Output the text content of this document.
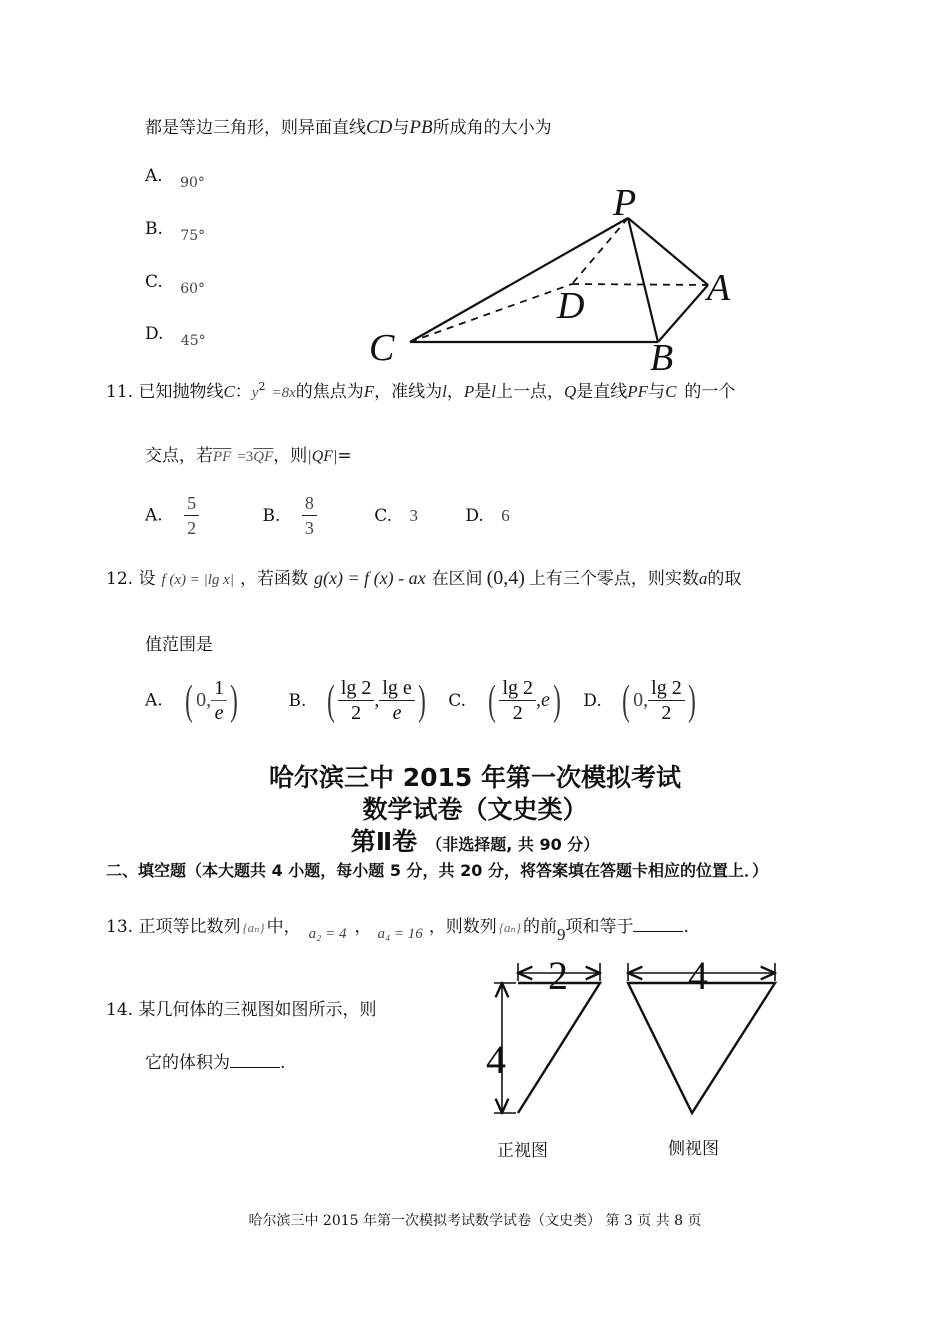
都是等边三角形，则异面直线CD与PB所成角的大小为
A. $_{90^\circ}$
B. $_{75^\circ}$
C. $_{60^\circ}$
D. $_{45^\circ}$
P
A
B
C
D
11. 已知抛物线C：$y^2 =8x$的焦点为F，准线为l，P是l上一点，Q是直线PF与C 的一个
交点，若$\overline{PF} =3\overline{QF}$，则|QF|=
A. $\frac{5}{2}$	B. $\frac{8}{3}$	C. 3	D. 6
12. 设 f (x) = |lg x| ，若函数 g(x) = f (x) - ax 在区间 (0,4) 上有三个零点，则实数a的取
值范围是
A. ( 0, $\frac{1}{e}$ )	B. ( $\frac{\lg 2}{2}$ , $\frac{\text{lg e}}{e}$ ) C. ( $\frac{\lg 2}{2} ,e$) D. ( 0, $\frac{\lg 2}{2}$ )
哈尔滨三中 2015 年第一次模拟考试
数学试卷（文史类）
第Ⅱ卷 （非选择题, 共 90 分）
二、填空题（本大题共 4 小题，每小题 5 分，共 20 分，将答案填在答题卡相应的位置上．）
13. 正项等比数列 {aₙ} 中， a₂ = 4 ， a₄ = 16 ，则数列 {aₙ} 的前9项和等于	.
14. 某几何体的三视图如图所示，则
它的体积为	.
2
4
4
正视图	侧视图
哈尔滨三中 2015 年第一次模拟考试数学试卷（文史类） 第 3 页 共 8 页
